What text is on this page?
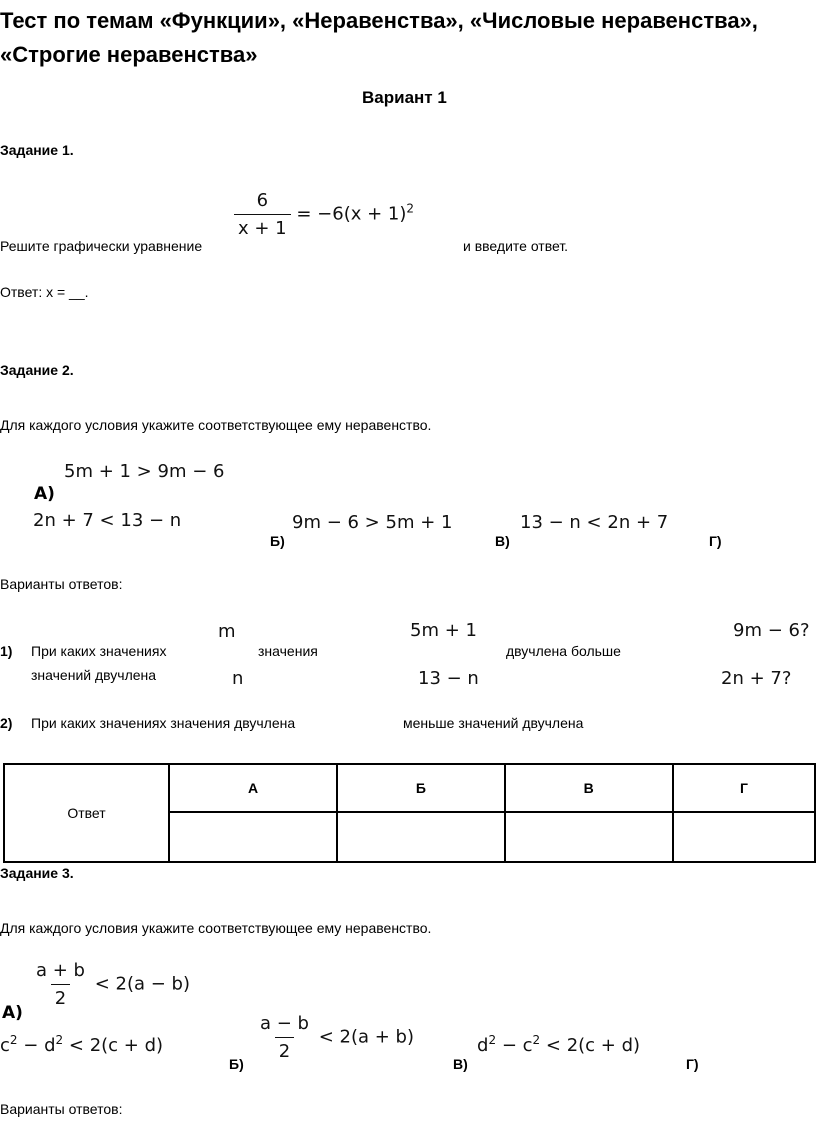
Тест по темам «Функции», «Неравенства», «Числовые неравенства», «Строгие неравенства»
Вариант 1
Задание 1.
Решите графически уравнение
$\frac{6}{x + 1} = -6(x + 1)^2$
и введите ответ.
Ответ: х = __.
Задание 2.
Для каждого условия укажите соответствующее ему неравенство.
5m + 1 > 9m − 6
А)
2n + 7 < 13 − n
Б)
9m − 6 > 5m + 1
В)
13 − n < 2n + 7
Г)
Варианты ответов:
1) При каких значениях
m
n
значения
5m + 1
13 − n
двучлена больше
9m − 6?
2n + 7?
значений двучлена
2) При каких значениях значения двучлена	меньше значений двучлена
Ответ	А	Б	В	Г

Задание 3.
Для каждого условия укажите соответствующее ему неравенство.
$\frac{a + b}{2} < 2(a - b)$
А)
$c^2 - d^2 < 2(c + d)$
Б)
$\frac{a - b}{2} < 2(a + b)$
В)
$d^2 - c^2 < 2(c + d)$
Г)
Варианты ответов:
